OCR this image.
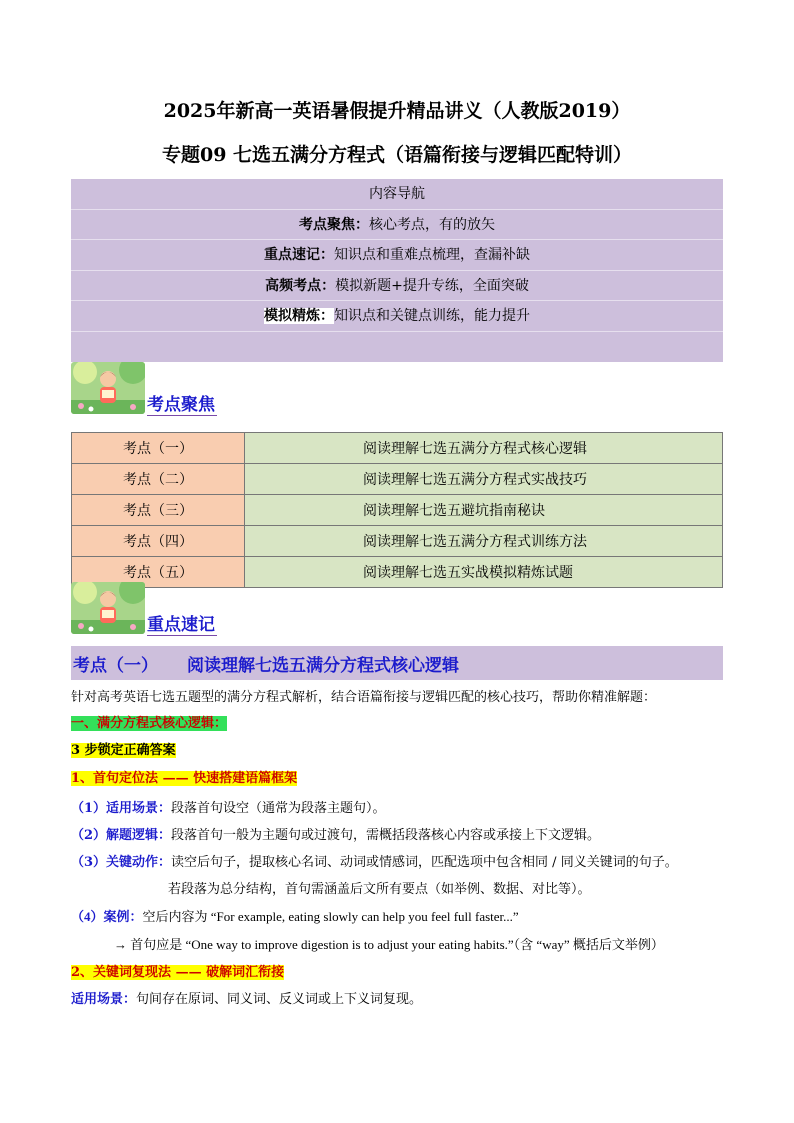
2025年新高一英语暑假提升精品讲义（人教版2019）
专题09 七选五满分方程式（语篇衔接与逻辑匹配特训）
内容导航
考点聚焦：核心考点，有的放矢
重点速记：知识点和重难点梳理，查漏补缺
高频考点：模拟新题+提升专练，全面突破
模拟精炼：知识点和关键点训练，能力提升
考点聚焦
考点（一）	阅读理解七选五满分方程式核心逻辑
考点（二）	阅读理解七选五满分方程式实战技巧
考点（三）	阅读理解七选五避坑指南秘诀
考点（四）	阅读理解七选五满分方程式训练方法
考点（五）	阅读理解七选五实战模拟精炼试题
重点速记
考点（一） 阅读理解七选五满分方程式核心逻辑
针对高考英语七选五题型的满分方程式解析，结合语篇衔接与逻辑匹配的核心技巧，帮助你精准解题：
一、满分方程式核心逻辑：
3 步锁定正确答案
1、首句定位法 —— 快速搭建语篇框架
（1）适用场景：段落首句设空（通常为段落主题句）。
（2）解题逻辑：段落首句一般为主题句或过渡句，需概括段落核心内容或承接上下文逻辑。
（3）关键动作：读空后句子，提取核心名词、动词或情感词，匹配选项中包含相同 / 同义关键词的句子。
若段落为总分结构，首句需涵盖后文所有要点（如举例、数据、对比等）。
（4）案例：空后内容为 “For example, eating slowly can help you feel full faster...”
→ 首句应是 “One way to improve digestion is to adjust your eating habits.”（含 “way” 概括后文举例）
2、关键词复现法 —— 破解词汇衔接
适用场景：句间存在原词、同义词、反义词或上下义词复现。
